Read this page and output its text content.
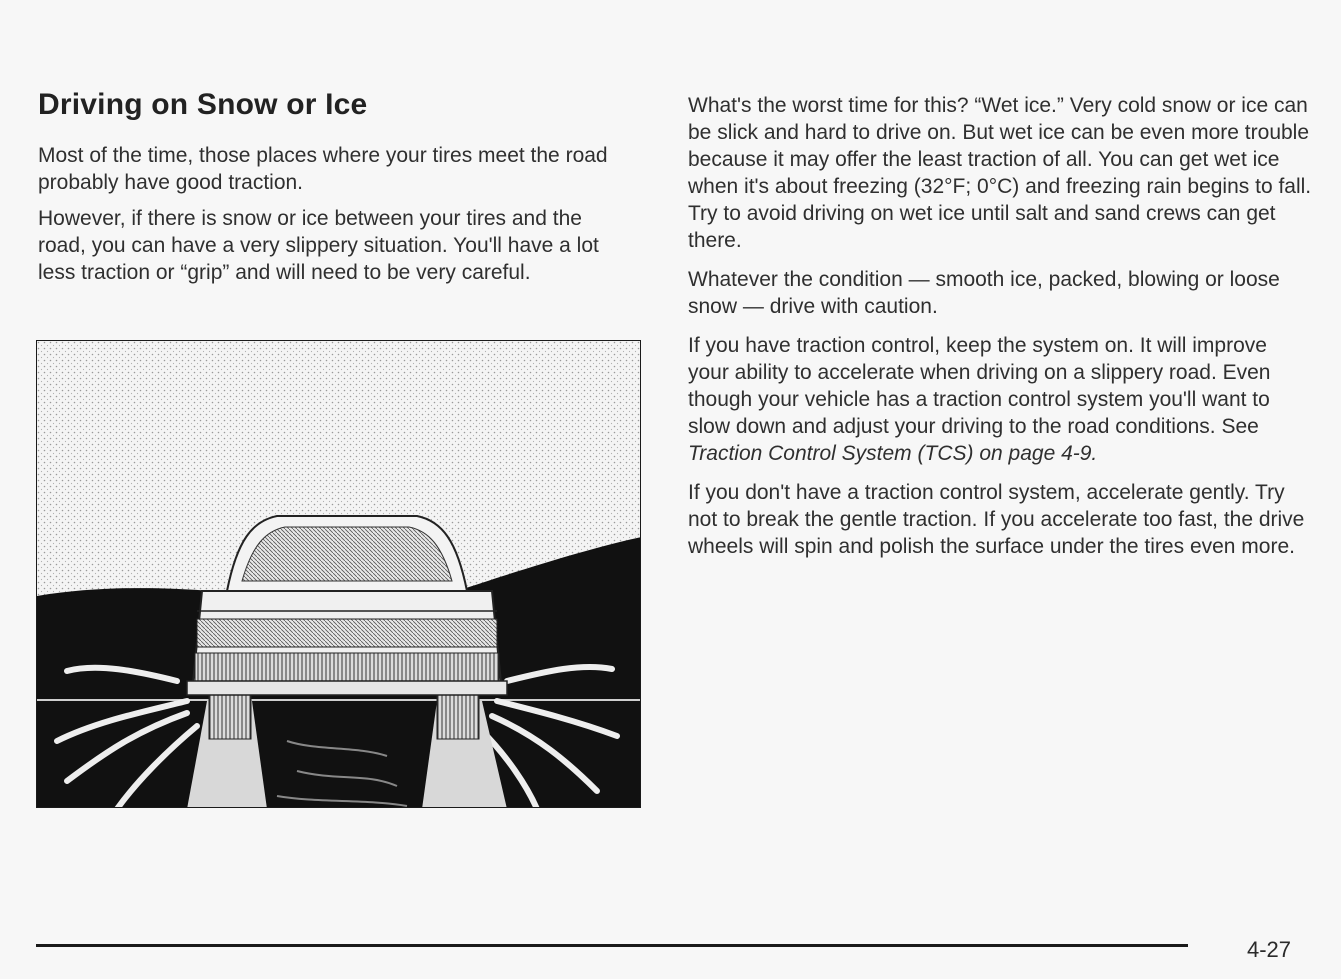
Driving on Snow or Ice

Most of the time, those places where your tires meet the road probably have good traction.

However, if there is snow or ice between your tires and the road, you can have a very slippery situation. You'll have a lot less traction or “grip” and will need to be very careful.

What's the worst time for this? “Wet ice.” Very cold snow or ice can be slick and hard to drive on. But wet ice can be even more trouble because it may offer the least traction of all. You can get wet ice when it's about freezing (32°F; 0°C) and freezing rain begins to fall. Try to avoid driving on wet ice until salt and sand crews can get there.

Whatever the condition — smooth ice, packed, blowing or loose snow — drive with caution.

If you have traction control, keep the system on. It will improve your ability to accelerate when driving on a slippery road. Even though your vehicle has a traction control system you'll want to slow down and adjust your driving to the road conditions. See Traction Control System (TCS) on page 4-9.

If you don't have a traction control system, accelerate gently. Try not to break the gentle traction. If you accelerate too fast, the drive wheels will spin and polish the surface under the tires even more.

4-27
